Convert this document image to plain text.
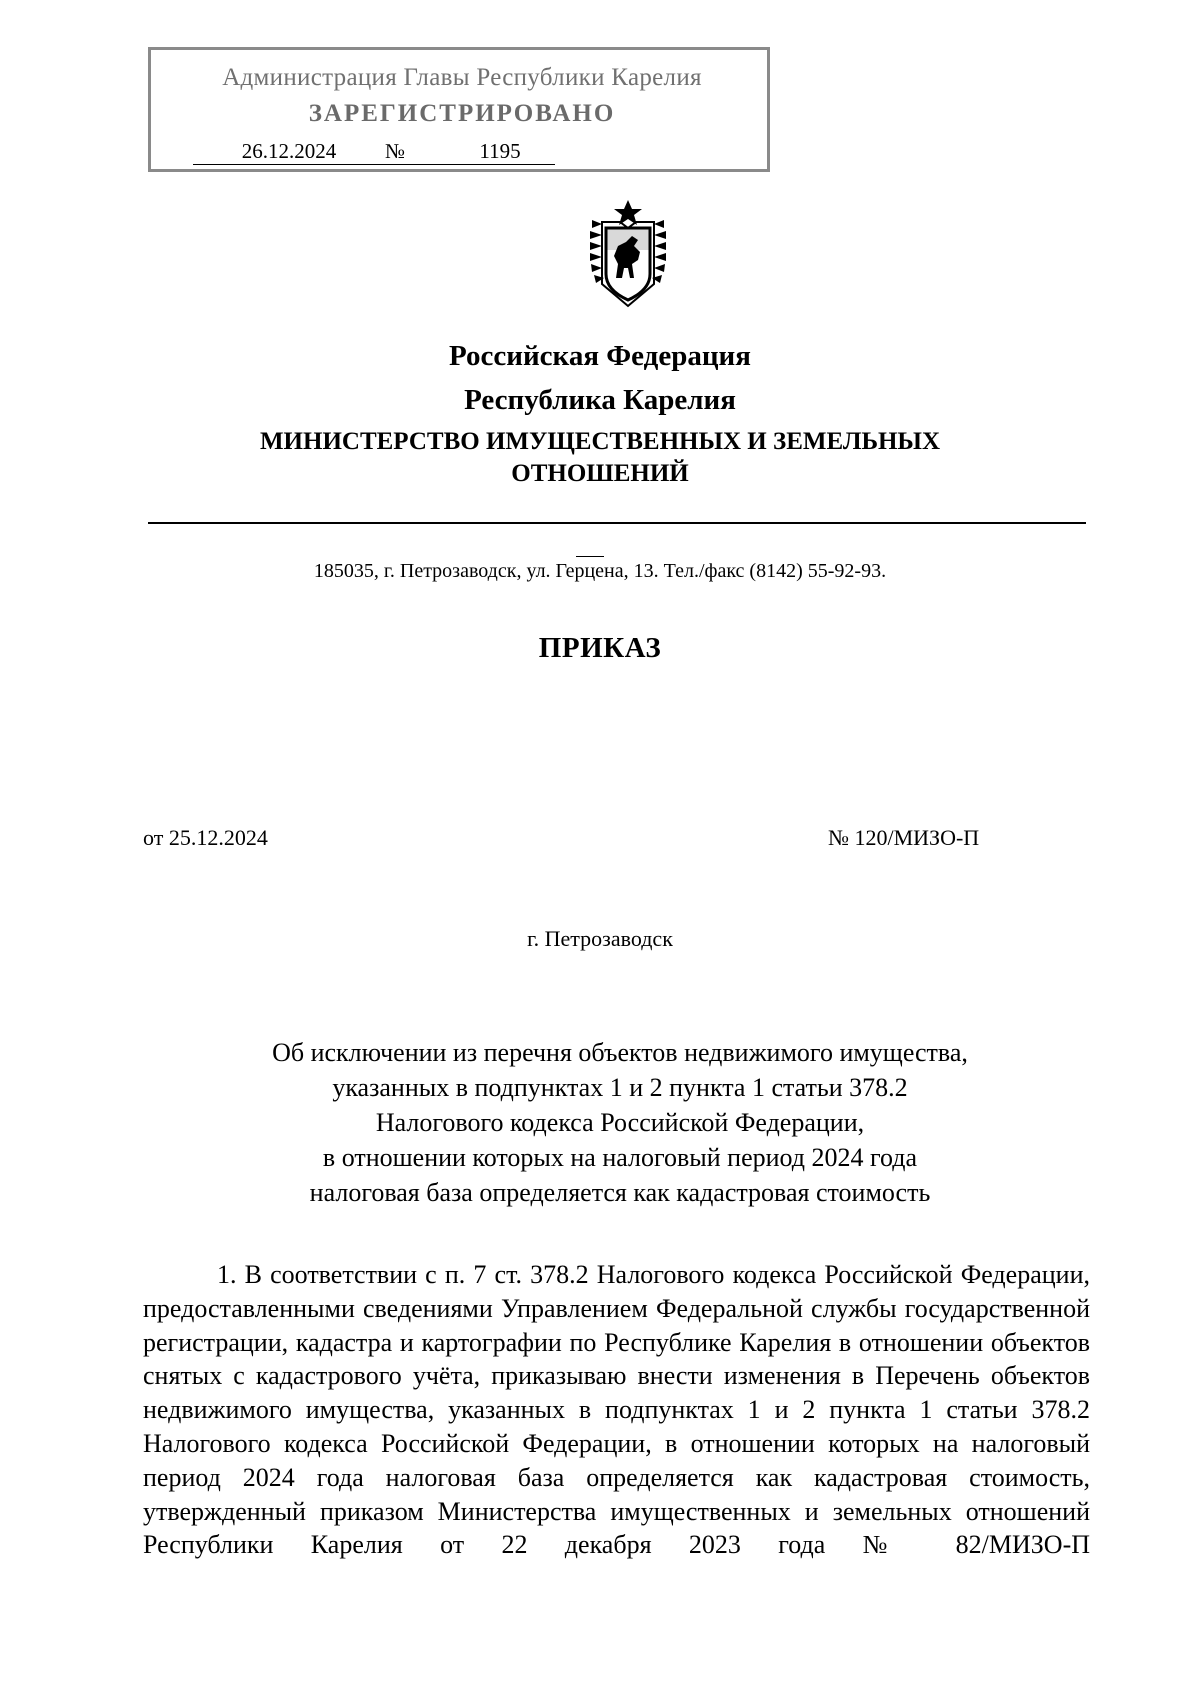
Администрация Главы Республики Карелия
ЗАРЕГИСТРИРОВАНО
26.12.2024	№	1195
Российская Федерация
Республика Карелия
МИНИСТЕРСТВО ИМУЩЕСТВЕННЫХ И ЗЕМЕЛЬНЫХ
ОТНОШЕНИЙ
185035, г. Петрозаводск, ул. Герцена, 13. Тел./факс (8142) 55-92-93.
ПРИКАЗ
от 25.12.2024	№ 120/МИЗО-П
г. Петрозаводск
Об исключении из перечня объектов недвижимого имущества,
указанных в подпунктах 1 и 2 пункта 1 статьи 378.2
Налогового кодекса Российской Федерации,
в отношении которых на налоговый период 2024 года
налоговая база определяется как кадастровая стоимость
1. В соответствии с п. 7 ст. 378.2 Налогового кодекса Российской Федерации, предоставленными сведениями Управлением Федеральной службы государственной регистрации, кадастра и картографии по Республике Карелия в отношении объектов снятых с кадастрового учёта, приказываю внести изменения в Перечень объектов недвижимого имущества, указанных в подпунктах 1 и 2 пункта 1 статьи 378.2 Налогового кодекса Российской Федерации, в отношении которых на налоговый период 2024 года налоговая база определяется как кадастровая стоимость, утвержденный приказом Министерства имущественных и земельных отношений Республики Карелия от 22 декабря 2023 года № 82/МИЗО-П
